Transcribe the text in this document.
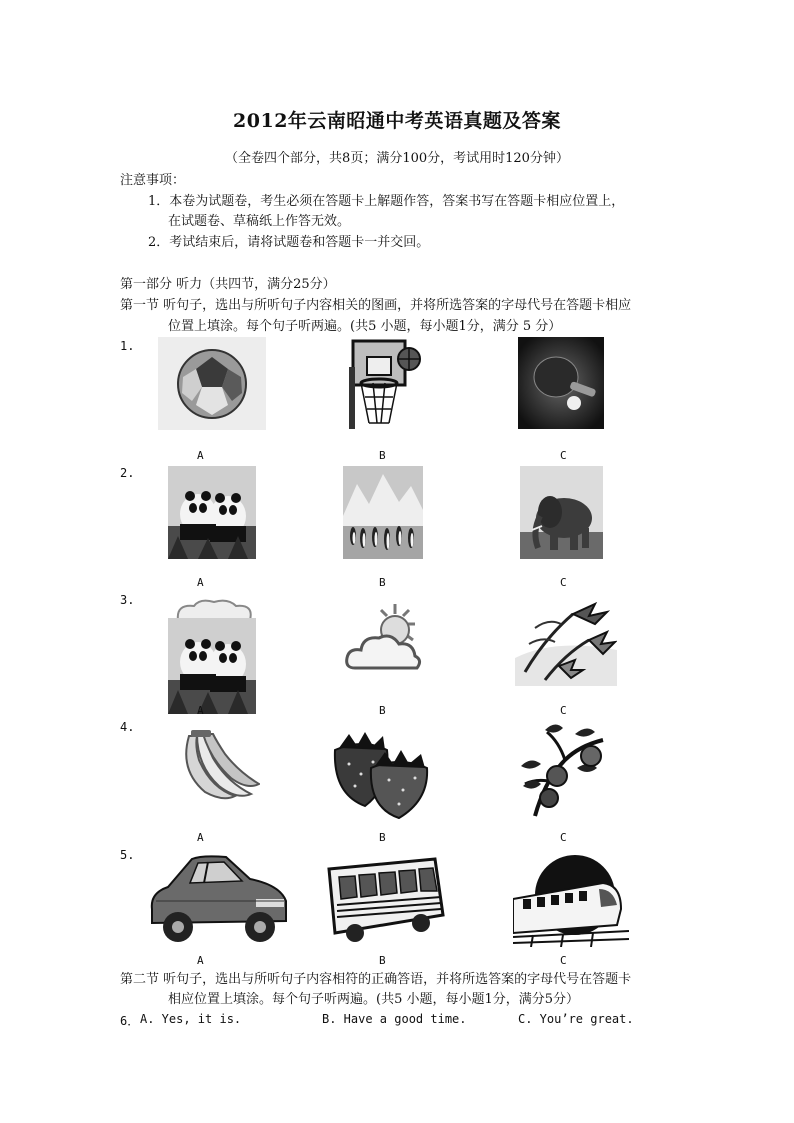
2012年云南昭通中考英语真题及答案
（全卷四个部分，共8页；满分100分，考试用时120分钟）
注意事项：
1．本卷为试题卷，考生必须在答题卡上解题作答，答案书写在答题卡相应位置上，
在试题卷、草稿纸上作答无效。
2．考试结束后，请将试题卷和答题卡一并交回。
第一部分 听力（共四节，满分25分）
第一节 听句子，选出与所听句子内容相关的图画，并将所选答案的字母代号在答题卡相应
位置上填涂。每个句子听两遍。(共5 小题，每小题1分，满分 5 分）
1.
2.
3.
4.
5.
A	B	C
A	B	C
A	B	C
A	B	C
A	B	C
第二节 听句子，选出与所听句子内容相符的正确答语，并将所选答案的字母代号在答题卡
相应位置上填涂。每个句子听两遍。(共5 小题，每小题1分，满分5分）
6． A. Yes, it is.	B. Have a good time.	C. You’re great.
